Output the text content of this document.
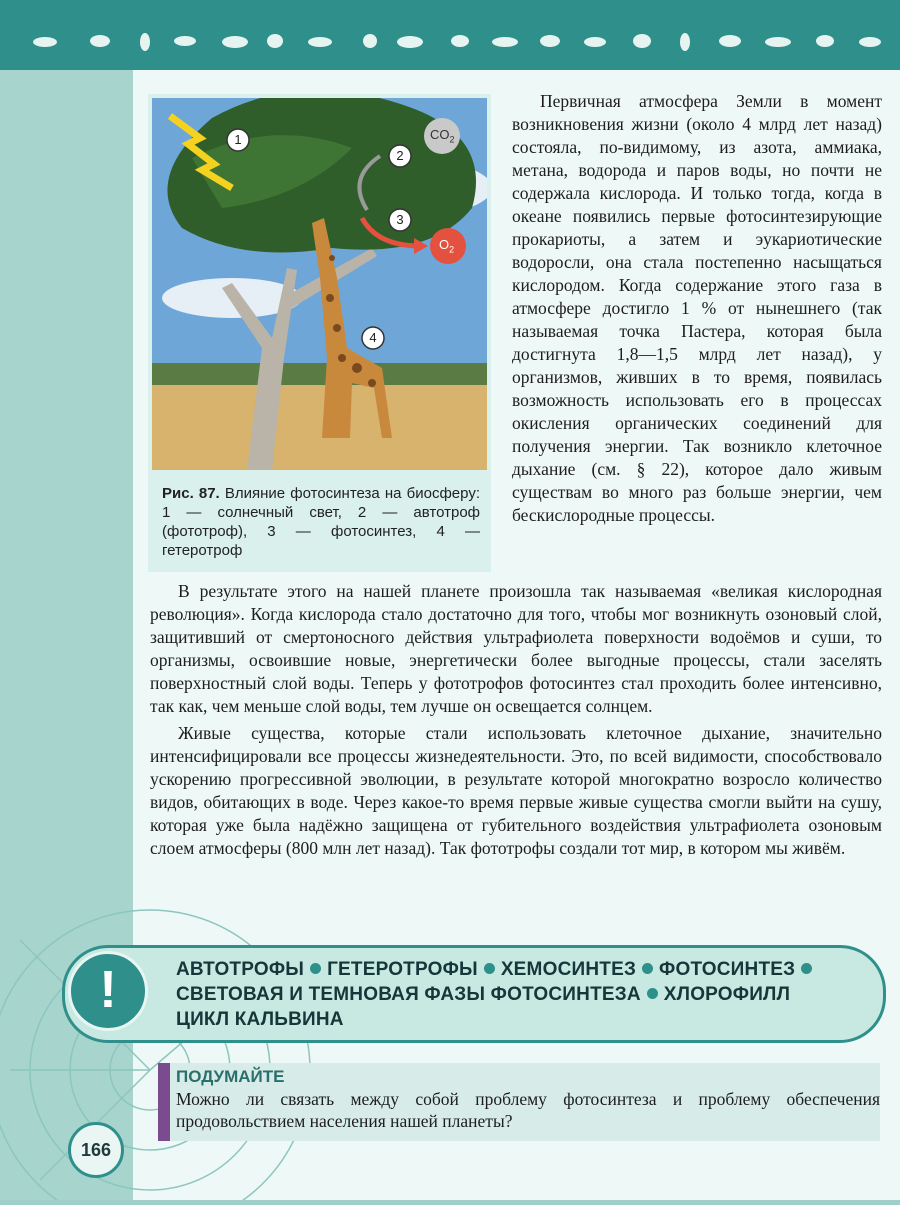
1
2
3
4
$CO_2$
$O_2$
Рис. 87. Влияние фотосинтеза на биосферу: 1 — солнечный свет, 2 — автотроф (фототроф), 3 — фотосинтез, 4 — гетеротроф

Первичная атмосфера Земли в момент возникновения жизни (около 4 млрд лет назад) состояла, по-видимому, из азота, аммиака, метана, водорода и паров воды, но почти не содержала кислорода. И только тогда, когда в океане появились первые фотосинтезирующие прокариоты, а затем и эукариотические водоросли, она стала постепенно насыщаться кислородом. Когда содержание этого газа в атмосфере достигло 1 % от нынешнего (так называемая точка Пастера, которая была достигнута 1,8—1,5 млрд лет назад), у организмов, живших в то время, появилась возможность использовать его в процессах окисления органических соединений для получения энергии. Так возникло клеточное дыхание (см. § 22), которое дало живым существам во много раз больше энергии, чем бескислородные процессы.

В результате этого на нашей планете произошла так называемая «великая кислородная революция». Когда кислорода стало достаточно для того, чтобы мог возникнуть озоновый слой, защитивший от смертоносного действия ультрафиолета поверхности водоёмов и суши, то организмы, освоившие новые, энергетически более выгодные процессы, стали заселять поверхностный слой воды. Теперь у фототрофов фотосинтез стал проходить более интенсивно, так как, чем меньше слой воды, тем лучше он освещается солнцем.

Живые существа, которые стали использовать клеточное дыхание, значительно интенсифицировали все процессы жизнедеятельности. Это, по всей видимости, способствовало ускорению прогрессивной эволюции, в результате которой многократно возросло количество видов, обитающих в воде. Через какое-то время первые живые существа смогли выйти на сушу, которая уже была надёжно защищена от губительного воздействия ультрафиолета озоновым слоем атмосферы (800 млн лет назад). Так фототрофы создали тот мир, в котором мы живём.

!	АВТОТРОФЫ ГЕТЕРОТРОФЫ ХЕМОСИНТЕЗ ФОТОСИНТЕЗ
СВЕТОВАЯ И ТЕМНОВАЯ ФАЗЫ ФОТОСИНТЕЗА ХЛОРОФИЛЛ
ЦИКЛ КАЛЬВИНА
ПОДУМАЙТЕ
Можно ли связать между собой проблему фотосинтеза и проблему обеспечения продовольствием населения нашей планеты?
166
